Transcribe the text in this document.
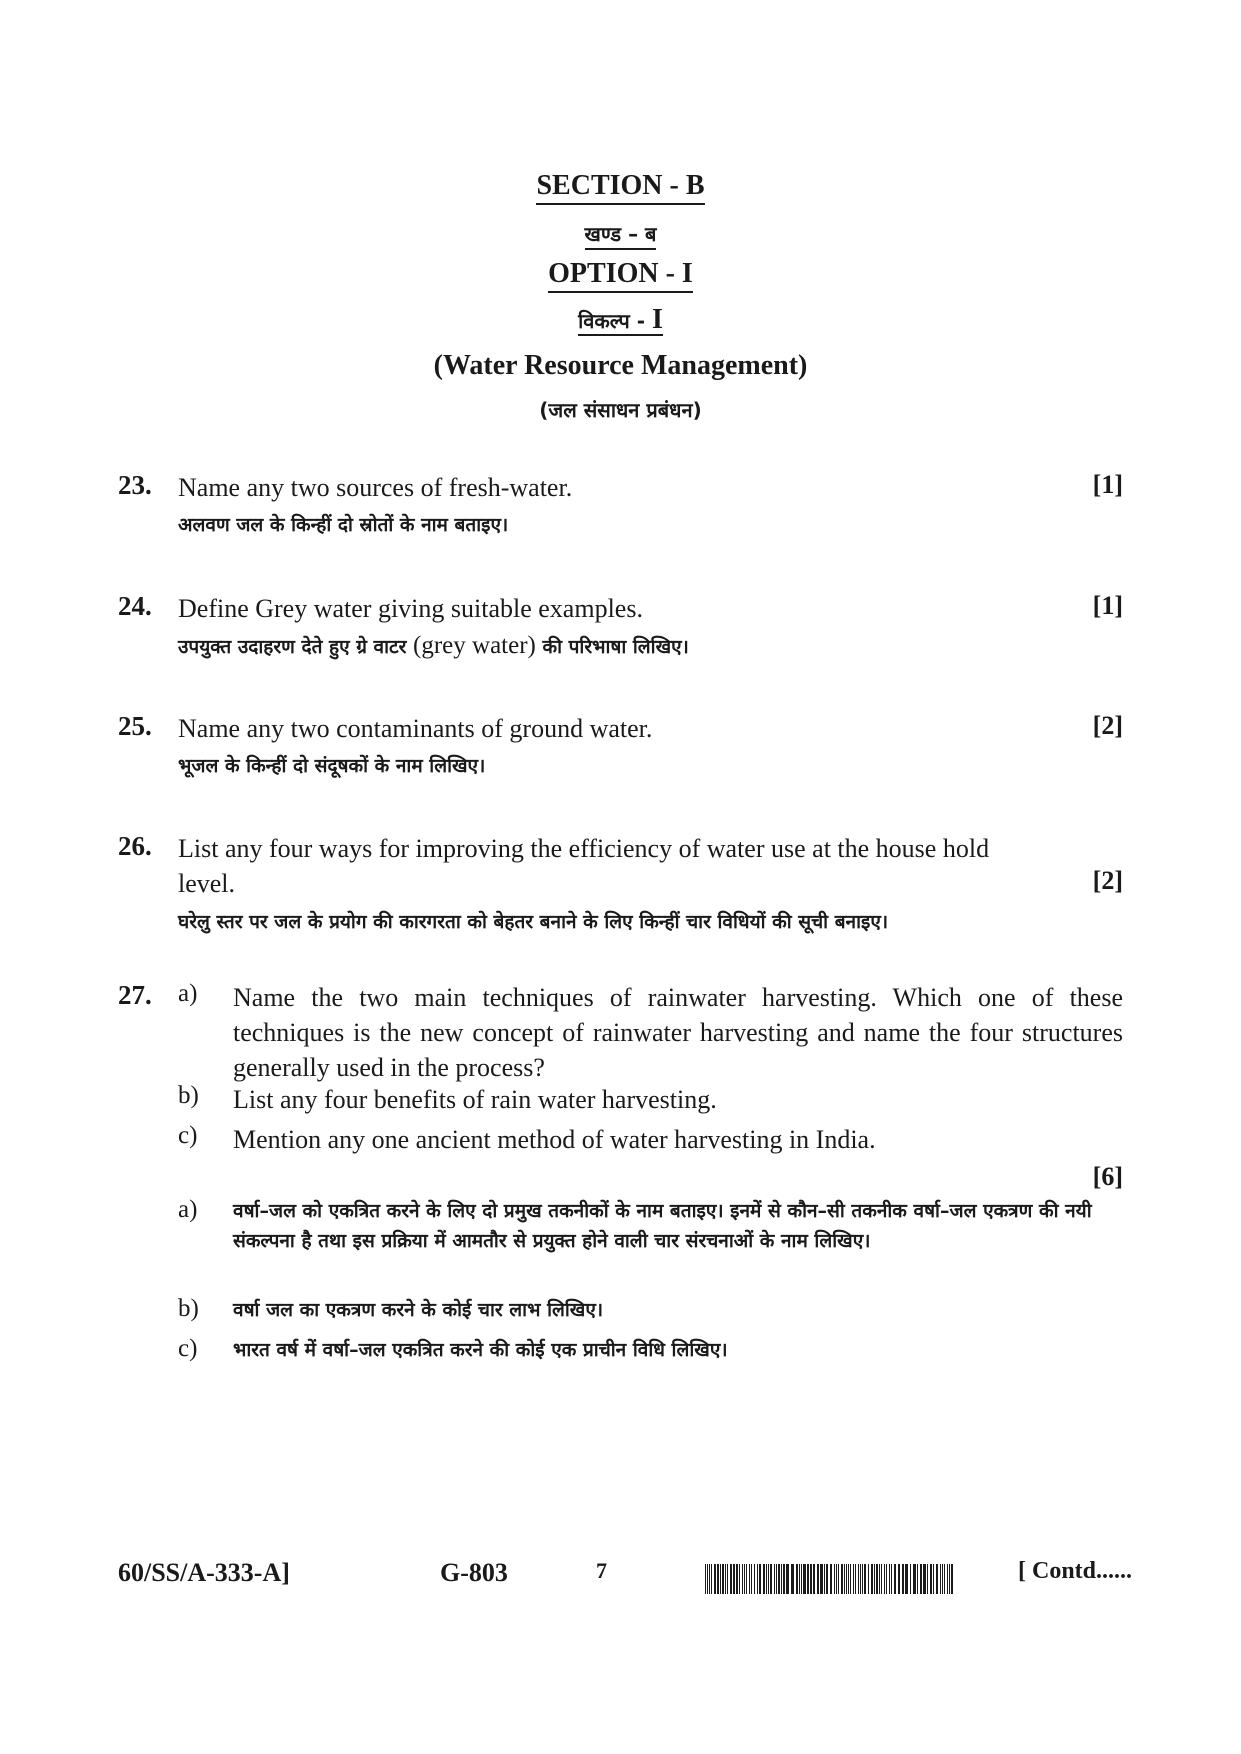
SECTION - B
खण्ड – ब
OPTION - I
विकल्प - I
(Water Resource Management)
(जल संसाधन प्रबंधन)
23. Name any two sources of fresh-water.	[1]
अलवण जल के किन्हीं दो स्रोतों के नाम बताइए।
24. Define Grey water giving suitable examples.	[1]
उपयुक्त उदाहरण देते हुए ग्रे वाटर (grey water) की परिभाषा लिखिए।
25. Name any two contaminants of ground water.	[2]
भूजल के किन्हीं दो संदूषकों के नाम लिखिए।
26. List any four ways for improving the efficiency of water use at the house hold
level.	[2]
घरेलु स्तर पर जल के प्रयोग की कारगरता को बेहतर बनाने के लिए किन्हीं चार विधियों की सूची बनाइए।
27. a) Name the two main techniques of rainwater harvesting. Which one of these techniques is the new concept of rainwater harvesting and name the four structures generally used in the process?
b) List any four benefits of rain water harvesting.
c) Mention any one ancient method of water harvesting in India.
[6]
a) वर्षा–जल को एकत्रित करने के लिए दो प्रमुख तकनीकों के नाम बताइए। इनमें से कौन–सी तकनीक वर्षा–जल एकत्रण की नयी संकल्पना है तथा इस प्रक्रिया में आमतौर से प्रयुक्त होने वाली चार संरचनाओं के नाम लिखिए।
b) वर्षा जल का एकत्रण करने के कोई चार लाभ लिखिए।
c) भारत वर्ष में वर्षा–जल एकत्रित करने की कोई एक प्राचीन विधि लिखिए।
60/SS/A-333-A]	G-803	7	[ Contd......
